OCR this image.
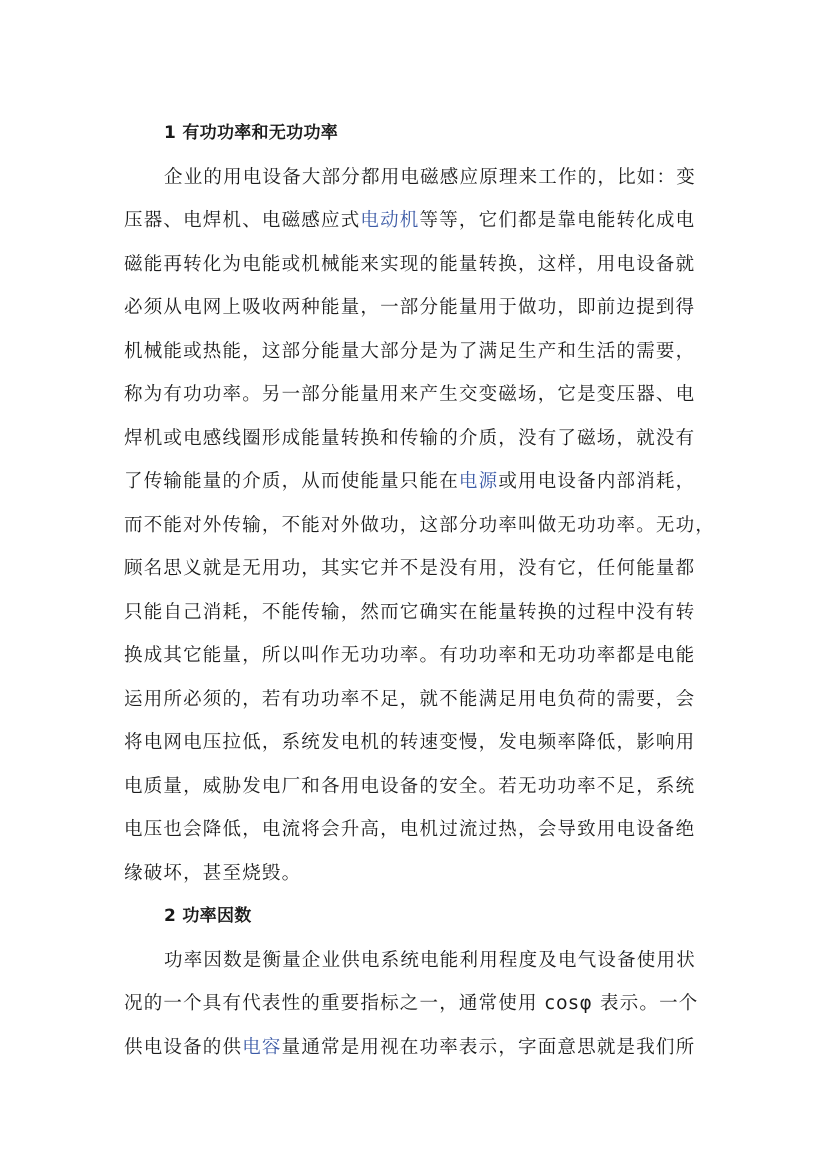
1 有功功率和无功功率

企业的用电设备大部分都用电磁感应原理来工作的，比如：变

压器、电焊机、电磁感应式电动机等等，它们都是靠电能转化成电

磁能再转化为电能或机械能来实现的能量转换，这样，用电设备就

必须从电网上吸收两种能量，一部分能量用于做功，即前边提到得

机械能或热能，这部分能量大部分是为了满足生产和生活的需要，

称为有功功率。另一部分能量用来产生交变磁场，它是变压器、电

焊机或电感线圈形成能量转换和传输的介质，没有了磁场，就没有

了传输能量的介质，从而使能量只能在电源或用电设备内部消耗，

而不能对外传输，不能对外做功，这部分功率叫做无功功率。无功，

顾名思义就是无用功，其实它并不是没有用，没有它，任何能量都

只能自己消耗，不能传输，然而它确实在能量转换的过程中没有转

换成其它能量，所以叫作无功功率。有功功率和无功功率都是电能

运用所必须的，若有功功率不足，就不能满足用电负荷的需要，会

将电网电压拉低，系统发电机的转速变慢，发电频率降低，影响用

电质量，威胁发电厂和各用电设备的安全。若无功功率不足，系统

电压也会降低，电流将会升高，电机过流过热，会导致用电设备绝

缘破坏，甚至烧毁。

2 功率因数

功率因数是衡量企业供电系统电能利用程度及电气设备使用状

况的一个具有代表性的重要指标之一，通常使用 cosφ 表示。一个

供电设备的供电容量通常是用视在功率表示，字面意思就是我们所
